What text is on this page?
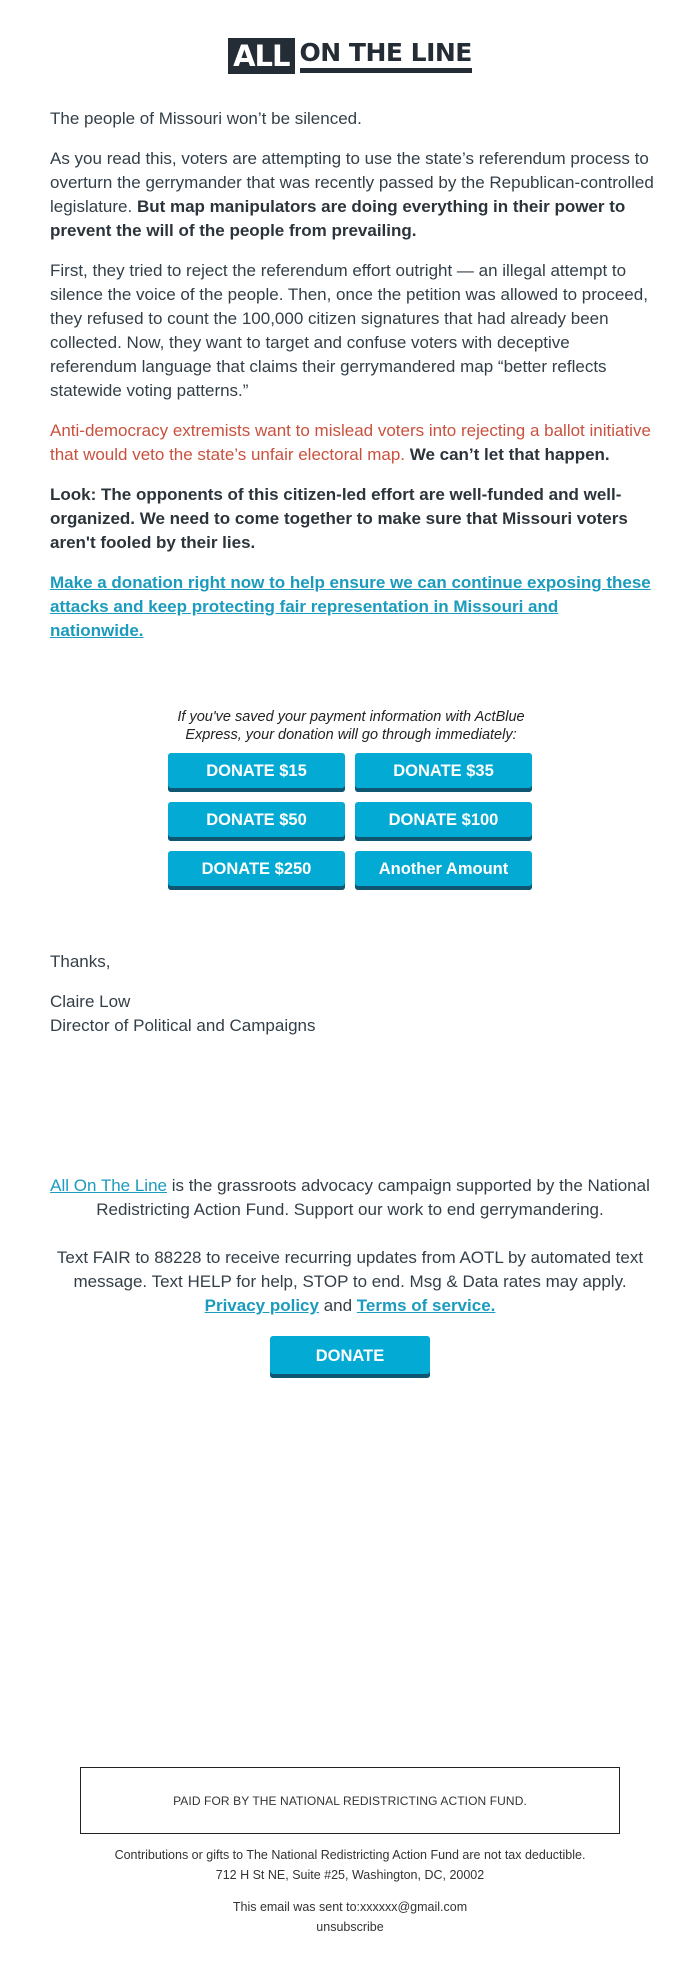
ALL ON THE LINE

The people of Missouri won’t be silenced.

As you read this, voters are attempting to use the state’s referendum process to overturn the gerrymander that was recently passed by the Republican-controlled legislature. But map manipulators are doing everything in their power to prevent the will of the people from prevailing.

First, they tried to reject the referendum effort outright — an illegal attempt to silence the voice of the people. Then, once the petition was allowed to proceed, they refused to count the 100,000 citizen signatures that had already been collected. Now, they want to target and confuse voters with deceptive referendum language that claims their gerrymandered map “better reflects statewide voting patterns.”

Anti-democracy extremists want to mislead voters into rejecting a ballot initiative that would veto the state’s unfair electoral map. We can’t let that happen.

Look: The opponents of this citizen-led effort are well-funded and well-organized. We need to come together to make sure that Missouri voters aren't fooled by their lies.

Make a donation right now to help ensure we can continue exposing these attacks and keep protecting fair representation in Missouri and nationwide.

If you've saved your payment information with ActBlue Express, your donation will go through immediately:
DONATE $15	DONATE $35
DONATE $50	DONATE $100
DONATE $250	Another Amount

Thanks,

Claire Low
Director of Political and Campaigns

All On The Line is the grassroots advocacy campaign supported by the National Redistricting Action Fund. Support our work to end gerrymandering.

Text FAIR to 88228 to receive recurring updates from AOTL by automated text message. Text HELP for help, STOP to end. Msg & Data rates may apply. Privacy policy and Terms of service.

DONATE
PAID FOR BY THE NATIONAL REDISTRICTING ACTION FUND.
Contributions or gifts to The National Redistricting Action Fund are not tax deductible.
712 H St NE, Suite #25, Washington, DC, 20002
This email was sent to:xxxxxx@gmail.com
unsubscribe
